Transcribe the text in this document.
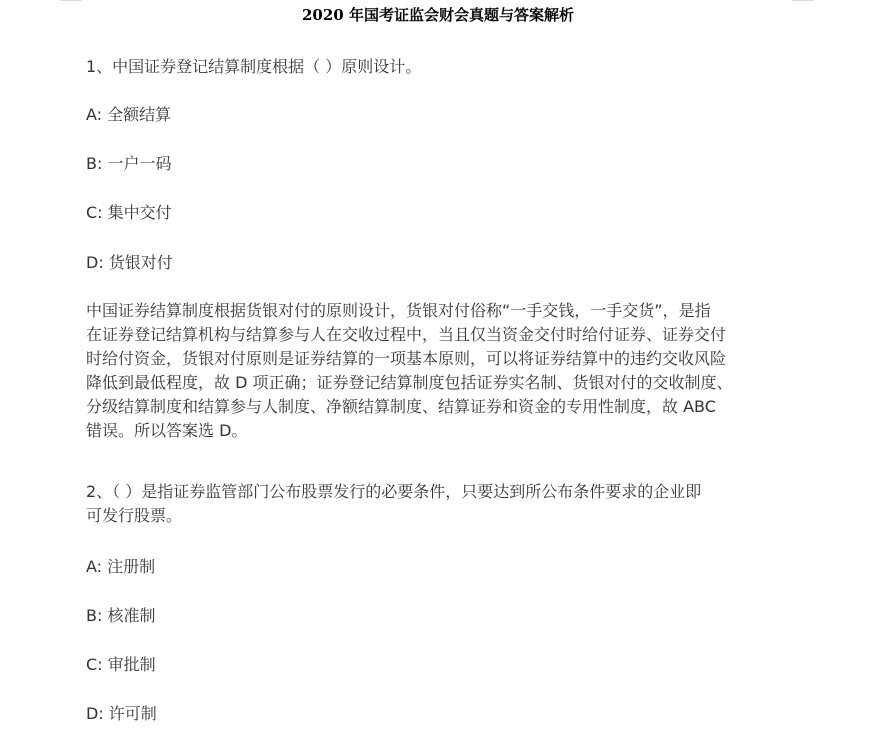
2020 年国考证监会财会真题与答案解析
1、中国证券登记结算制度根据（ ）原则设计。
A: 全额结算
B: 一户一码
C: 集中交付
D: 货银对付
中国证券结算制度根据货银对付的原则设计，货银对付俗称“一手交钱，一手交货”，是指
在证券登记结算机构与结算参与人在交收过程中，当且仅当资金交付时给付证券、证券交付
时给付资金，货银对付原则是证券结算的一项基本原则，可以将证券结算中的违约交收风险
降低到最低程度，故 D 项正确；证券登记结算制度包括证券实名制、货银对付的交收制度、
分级结算制度和结算参与人制度、净额结算制度、结算证券和资金的专用性制度，故 ABC
错误。所以答案选 D。
2、（ ）是指证券监管部门公布股票发行的必要条件，只要达到所公布条件要求的企业即
可发行股票。
A: 注册制
B: 核准制
C: 审批制
D: 许可制
